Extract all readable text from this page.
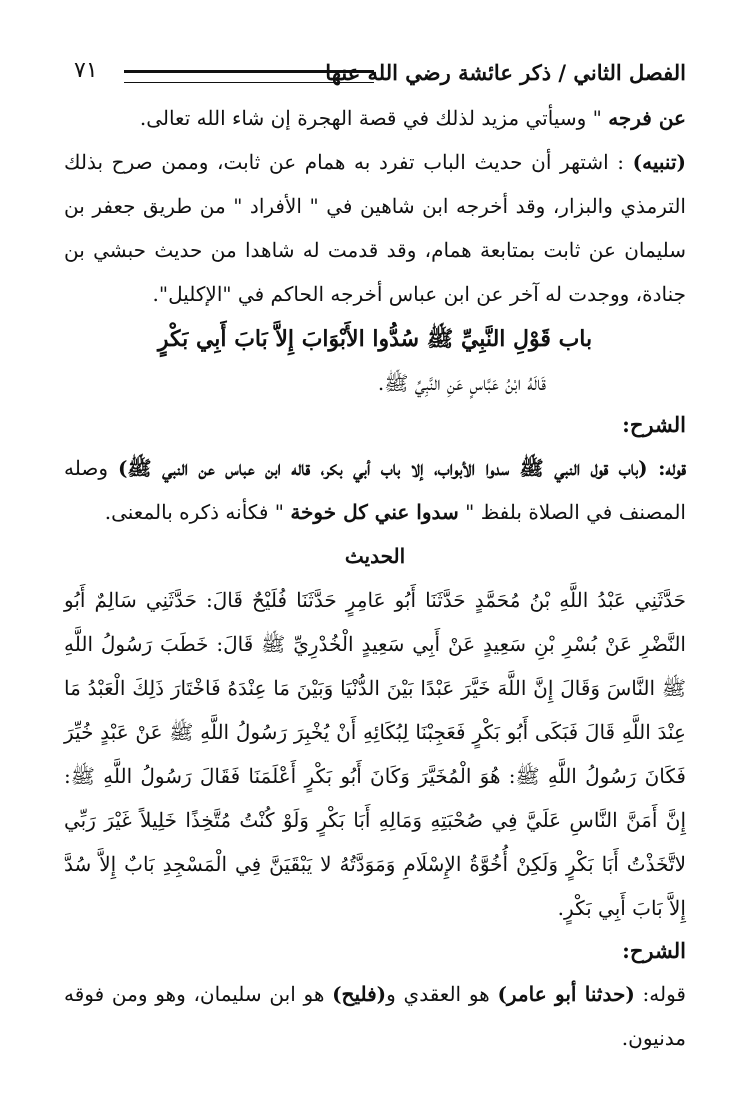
الفصل الثاني / ذكر عائشة رضي الله عنها
٧١

عن فرجه " وسيأتي مزيد لذلك في قصة الهجرة إن شاء الله تعالى.

(تنبيه) : اشتهر أن حديث الباب تفرد به همام عن ثابت، وممن صرح بذلك الترمذي والبزار، وقد أخرجه ابن شاهين في " الأفراد " من طريق جعفر بن سليمان عن ثابت بمتابعة همام، وقد قدمت له شاهدا من حديث حبشي بن جنادة، ووجدت له آخر عن ابن عباس أخرجه الحاكم في "الإكليل".

باب قَوْلِ النَّبِيِّ ﷺ سُدُّوا الأَبْوَابَ إِلاَّ بَابَ أَبِي بَكْرٍ

قَالَهُ ابْنُ عَبَّاسٍ عَنِ النَّبِيِّ ﷺ.

الشرح:

قوله: (باب قول النبي ﷺ سدوا الأبواب، إلا باب أبي بكر، قاله ابن عباس عن النبي ﷺ) وصله المصنف في الصلاة بلفظ " سدوا عني كل خوخة " فكأنه ذكره بالمعنى.

الحديث

حَدَّثَنِي عَبْدُ اللَّهِ بْنُ مُحَمَّدٍ حَدَّثَنَا أَبُو عَامِرٍ حَدَّثَنَا فُلَيْحٌ قَالَ: حَدَّثَنِي سَالِمٌ أَبُو النَّضْرِ عَنْ بُسْرِ بْنِ سَعِيدٍ عَنْ أَبِي سَعِيدٍ الْخُدْرِيِّ ﷺ قَالَ: خَطَبَ رَسُولُ اللَّهِ ﷺ النَّاسَ وَقَالَ إِنَّ اللَّهَ خَيَّرَ عَبْدًا بَيْنَ الدُّنْيَا وَبَيْنَ مَا عِنْدَهُ فَاخْتَارَ ذَلِكَ الْعَبْدُ مَا عِنْدَ اللَّهِ قَالَ فَبَكَى أَبُو بَكْرٍ فَعَجِبْنَا لِبُكَائِهِ أَنْ يُخْبِرَ رَسُولُ اللَّهِ ﷺ عَنْ عَبْدٍ خُيِّرَ فَكَانَ رَسُولُ اللَّهِ ﷺ: هُوَ الْمُخَيَّرَ وَكَانَ أَبُو بَكْرٍ أَعْلَمَنَا فَقَالَ رَسُولُ اللَّهِ ﷺ: إِنَّ أَمَنَّ النَّاسِ عَلَيَّ فِي صُحْبَتِهِ وَمَالِهِ أَبَا بَكْرٍ وَلَوْ كُنْتُ مُتَّخِذًا خَلِيلاً غَيْرَ رَبِّي لاتَّخَذْتُ أَبَا بَكْرٍ وَلَكِنْ أُخُوَّةُ الإِسْلَامِ وَمَوَدَّتُهُ لا يَبْقَيَنَّ فِي الْمَسْجِدِ بَابٌ إِلاَّ سُدَّ إِلاَّ بَابَ أَبِي بَكْرٍ.

الشرح:

قوله: (حدثنا أبو عامر) هو العقدي و(فليح) هو ابن سليمان، وهو ومن فوقه مدنيون.
